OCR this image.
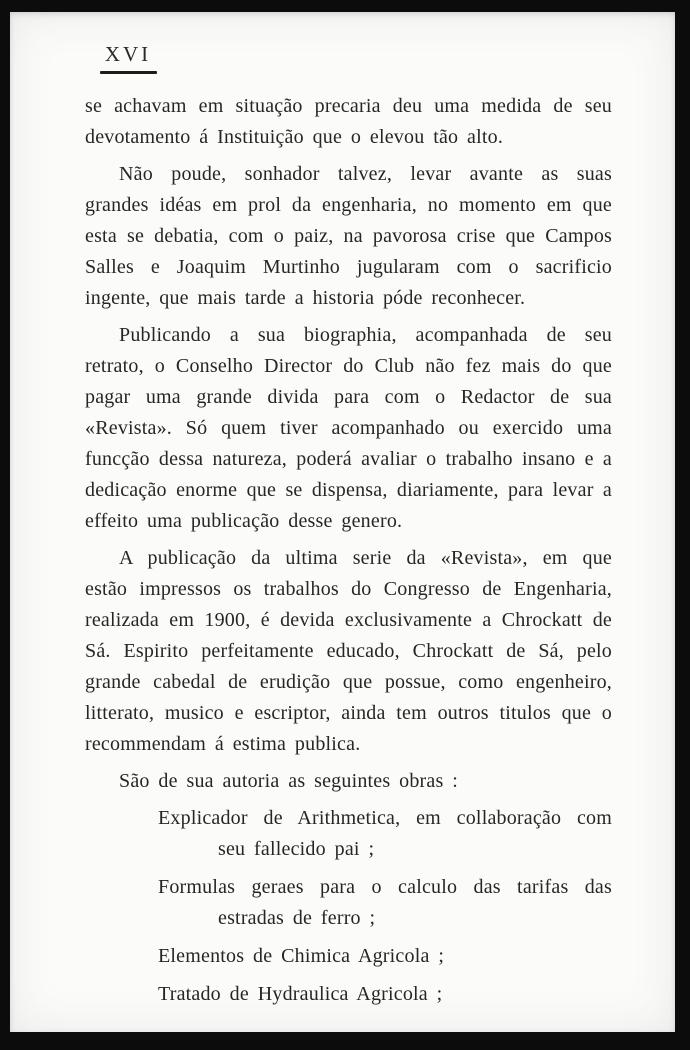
XVI

se achavam em situação precaria deu uma medida de seu devotamento á Instituição que o elevou tão alto.

Não poude, sonhador talvez, levar avante as suas grandes idéas em prol da engenharia, no momento em que esta se debatia, com o paiz, na pavorosa crise que Campos Salles e Joaquim Murtinho jugularam com o sacrificio ingente, que mais tarde a historia póde reconhecer.

Publicando a sua biographia, acompanhada de seu retrato, o Conselho Director do Club não fez mais do que pagar uma grande divida para com o Redactor de sua «Revista». Só quem tiver acompanhado ou exercido uma funcção dessa natureza, poderá avaliar o trabalho insano e a dedicação enorme que se dispensa, diariamente, para levar a effeito uma publicação desse genero.

A publicação da ultima serie da «Revista», em que estão impressos os trabalhos do Congresso de Engenharia, realizada em 1900, é devida exclusivamente a Chrockatt de Sá. Espirito perfeitamente educado, Chrockatt de Sá, pelo grande cabedal de erudição que possue, como engenheiro, litterato, musico e escriptor, ainda tem outros titulos que o recommendam á estima publica.

São de sua autoria as seguintes obras :

Explicador de Arithmetica, em collaboração com seu fallecido pai ;

Formulas geraes para o calculo das tarifas das estradas de ferro ;

Elementos de Chimica Agricola ;

Tratado de Hydraulica Agricola ;
